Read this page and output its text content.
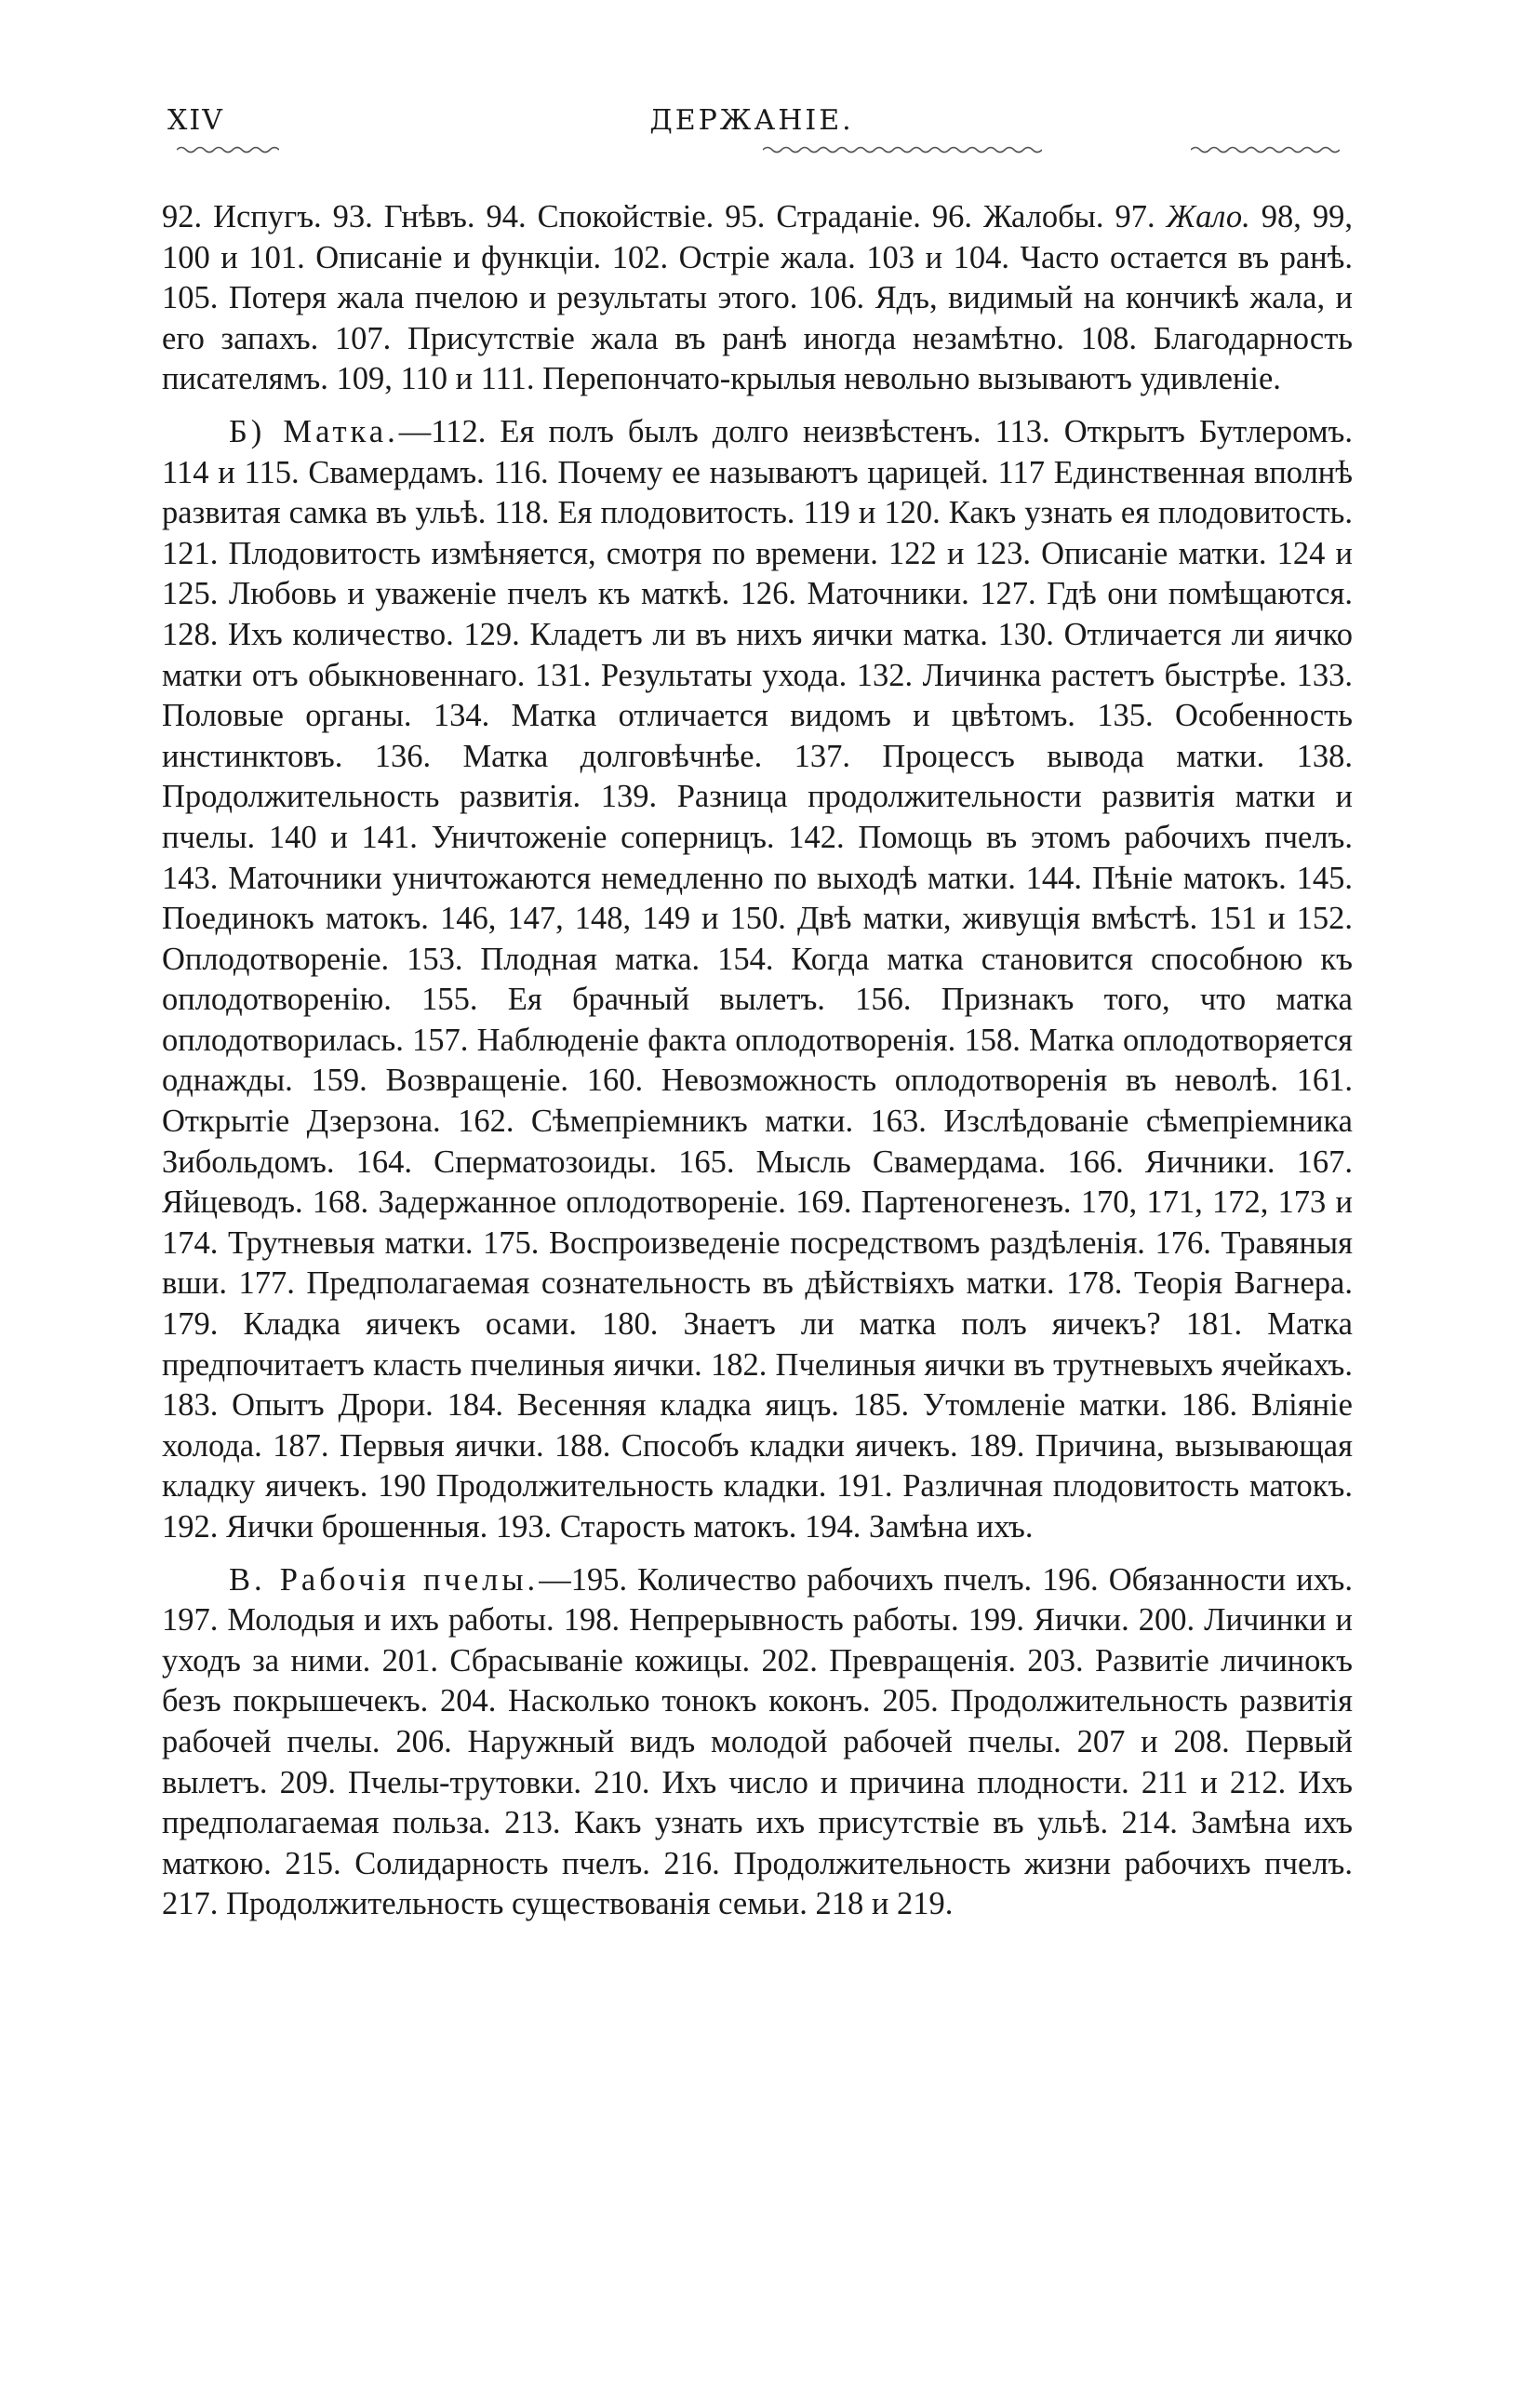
XIV	ДЕРЖАНІЕ.

92. Испугъ. 93. Гнѣвъ. 94. Спокойствіе. 95. Страданіе. 96. Жалобы. 97. Жало. 98, 99, 100 и 101. Описаніе и функціи. 102. Остріе жала. 103 и 104. Часто остается въ ранѣ. 105. Потеря жала пчелою и результаты этого. 106. Ядъ, видимый на кончикѣ жала, и его запахъ. 107. Присутствіе жала въ ранѣ иногда незамѣтно. 108. Благодарность писателямъ. 109, 110 и 111. Перепончато-крылыя невольно вызываютъ удивленіе.

Б) Матка.—112. Ея полъ былъ долго неизвѣстенъ. 113. Открытъ Бутлеромъ. 114 и 115. Свамердамъ. 116. Почему ее называютъ царицей. 117 Единственная вполнѣ развитая самка въ ульѣ. 118. Ея плодовитость. 119 и 120. Какъ узнать ея плодовитость. 121. Плодовитость измѣняется, смотря по времени. 122 и 123. Описаніе матки. 124 и 125. Любовь и уваженіе пчелъ къ маткѣ. 126. Маточники. 127. Гдѣ они помѣщаются. 128. Ихъ количество. 129. Кладетъ ли въ нихъ яички матка. 130. Отличается ли яичко матки отъ обыкновеннаго. 131. Результаты ухода. 132. Личинка растетъ быстрѣе. 133. Половые органы. 134. Матка отличается видомъ и цвѣтомъ. 135. Особенность инстинктовъ. 136. Матка долговѣчнѣе. 137. Процессъ вывода матки. 138. Продолжительность развитія. 139. Разница продолжительности развитія матки и пчелы. 140 и 141. Уничтоженіе соперницъ. 142. Помощь въ этомъ рабочихъ пчелъ. 143. Маточники уничтожаются немедленно по выходѣ матки. 144. Пѣніе матокъ. 145. Поединокъ матокъ. 146, 147, 148, 149 и 150. Двѣ матки, живущія вмѣстѣ. 151 и 152. Оплодотвореніе. 153. Плодная матка. 154. Когда матка становится способною къ оплодотворенію. 155. Ея брачный вылетъ. 156. Признакъ того, что матка оплодотворилась. 157. Наблюденіе факта оплодотворенія. 158. Матка оплодотворяется однажды. 159. Возвращеніе. 160. Невозможность оплодотворенія въ неволѣ. 161. Открытіе Дзерзона. 162. Сѣмепріемникъ матки. 163. Изслѣдованіе сѣмепріемника Зибольдомъ. 164. Сперматозоиды. 165. Мысль Свамердама. 166. Яичники. 167. Яйцеводъ. 168. Задержанное оплодотвореніе. 169. Партеногенезъ. 170, 171, 172, 173 и 174. Трутневыя матки. 175. Воспроизведеніе посредствомъ раздѣленія. 176. Травяныя вши. 177. Предполагаемая сознательность въ дѣйствіяхъ матки. 178. Теорія Вагнера. 179. Кладка яичекъ осами. 180. Знаетъ ли матка полъ яичекъ? 181. Матка предпочитаетъ класть пчелиныя яички. 182. Пчелиныя яички въ трутневыхъ ячейкахъ. 183. Опытъ Дрори. 184. Весенняя кладка яицъ. 185. Утомленіе матки. 186. Вліяніе холода. 187. Первыя яички. 188. Способъ кладки яичекъ. 189. Причина, вызывающая кладку яичекъ. 190 Продолжительность кладки. 191. Различная плодовитость матокъ. 192. Яички брошенныя. 193. Старость матокъ. 194. Замѣна ихъ.

В. Рабочія пчелы.—195. Количество рабочихъ пчелъ. 196. Обязанности ихъ. 197. Молодыя и ихъ работы. 198. Непрерывность работы. 199. Яички. 200. Личинки и уходъ за ними. 201. Сбрасываніе кожицы. 202. Превращенія. 203. Развитіе личинокъ безъ покрышечекъ. 204. Насколько тонокъ коконъ. 205. Продолжительность развитія рабочей пчелы. 206. Наружный видъ молодой рабочей пчелы. 207 и 208. Первый вылетъ. 209. Пчелы-трутовки. 210. Ихъ число и причина плодности. 211 и 212. Ихъ предполагаемая польза. 213. Какъ узнать ихъ присутствіе въ ульѣ. 214. Замѣна ихъ маткою. 215. Солидарность пчелъ. 216. Продолжительность жизни рабочихъ пчелъ. 217. Продолжительность существованія семьи. 218 и 219.
